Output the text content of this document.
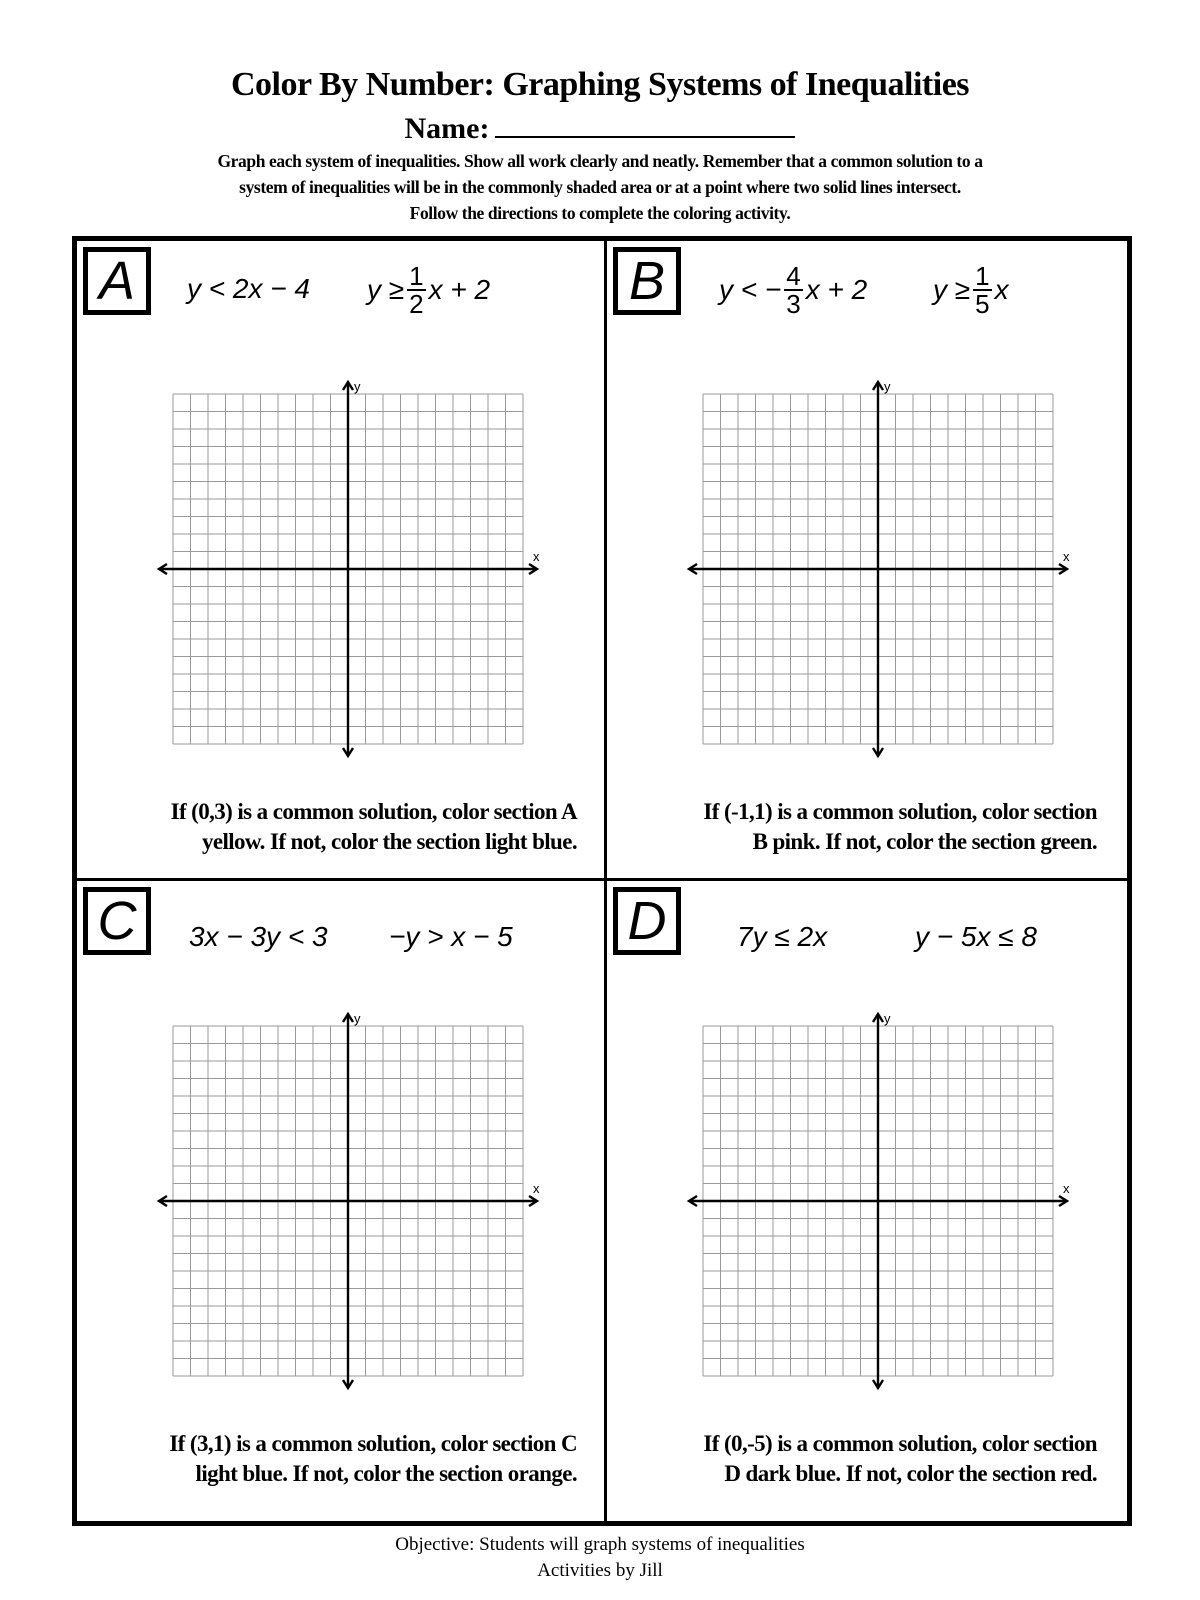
Color By Number: Graphing Systems of Inequalities
Name:
Graph each system of inequalities. Show all work clearly and neatly. Remember that a common solution to a
system of inequalities will be in the commonly shaded area or at a point where two solid lines intersect.
Follow the directions to complete the coloring activity.
A	y < 2x − 4 $y \ge \frac{1}{2}$ x + 2
x
y
If (0,3) is a common solution, color section A
yellow. If not, color the section light blue.
B	y < − $\frac{4}{3}$ x + 2 $y \ge \frac{1}{5}$ x
x
y
If (-1,1) is a common solution, color section
B pink. If not, color the section green.
C	3x − 3y < 3 −y > x − 5
x
y
If (3,1) is a common solution, color section C
light blue. If not, color the section orange.
D	7y ≤ 2x	y − 5x ≤ 8
x
y
If (0,-5) is a common solution, color section
D dark blue. If not, color the section red.
Objective: Students will graph systems of inequalities
Activities by Jill
